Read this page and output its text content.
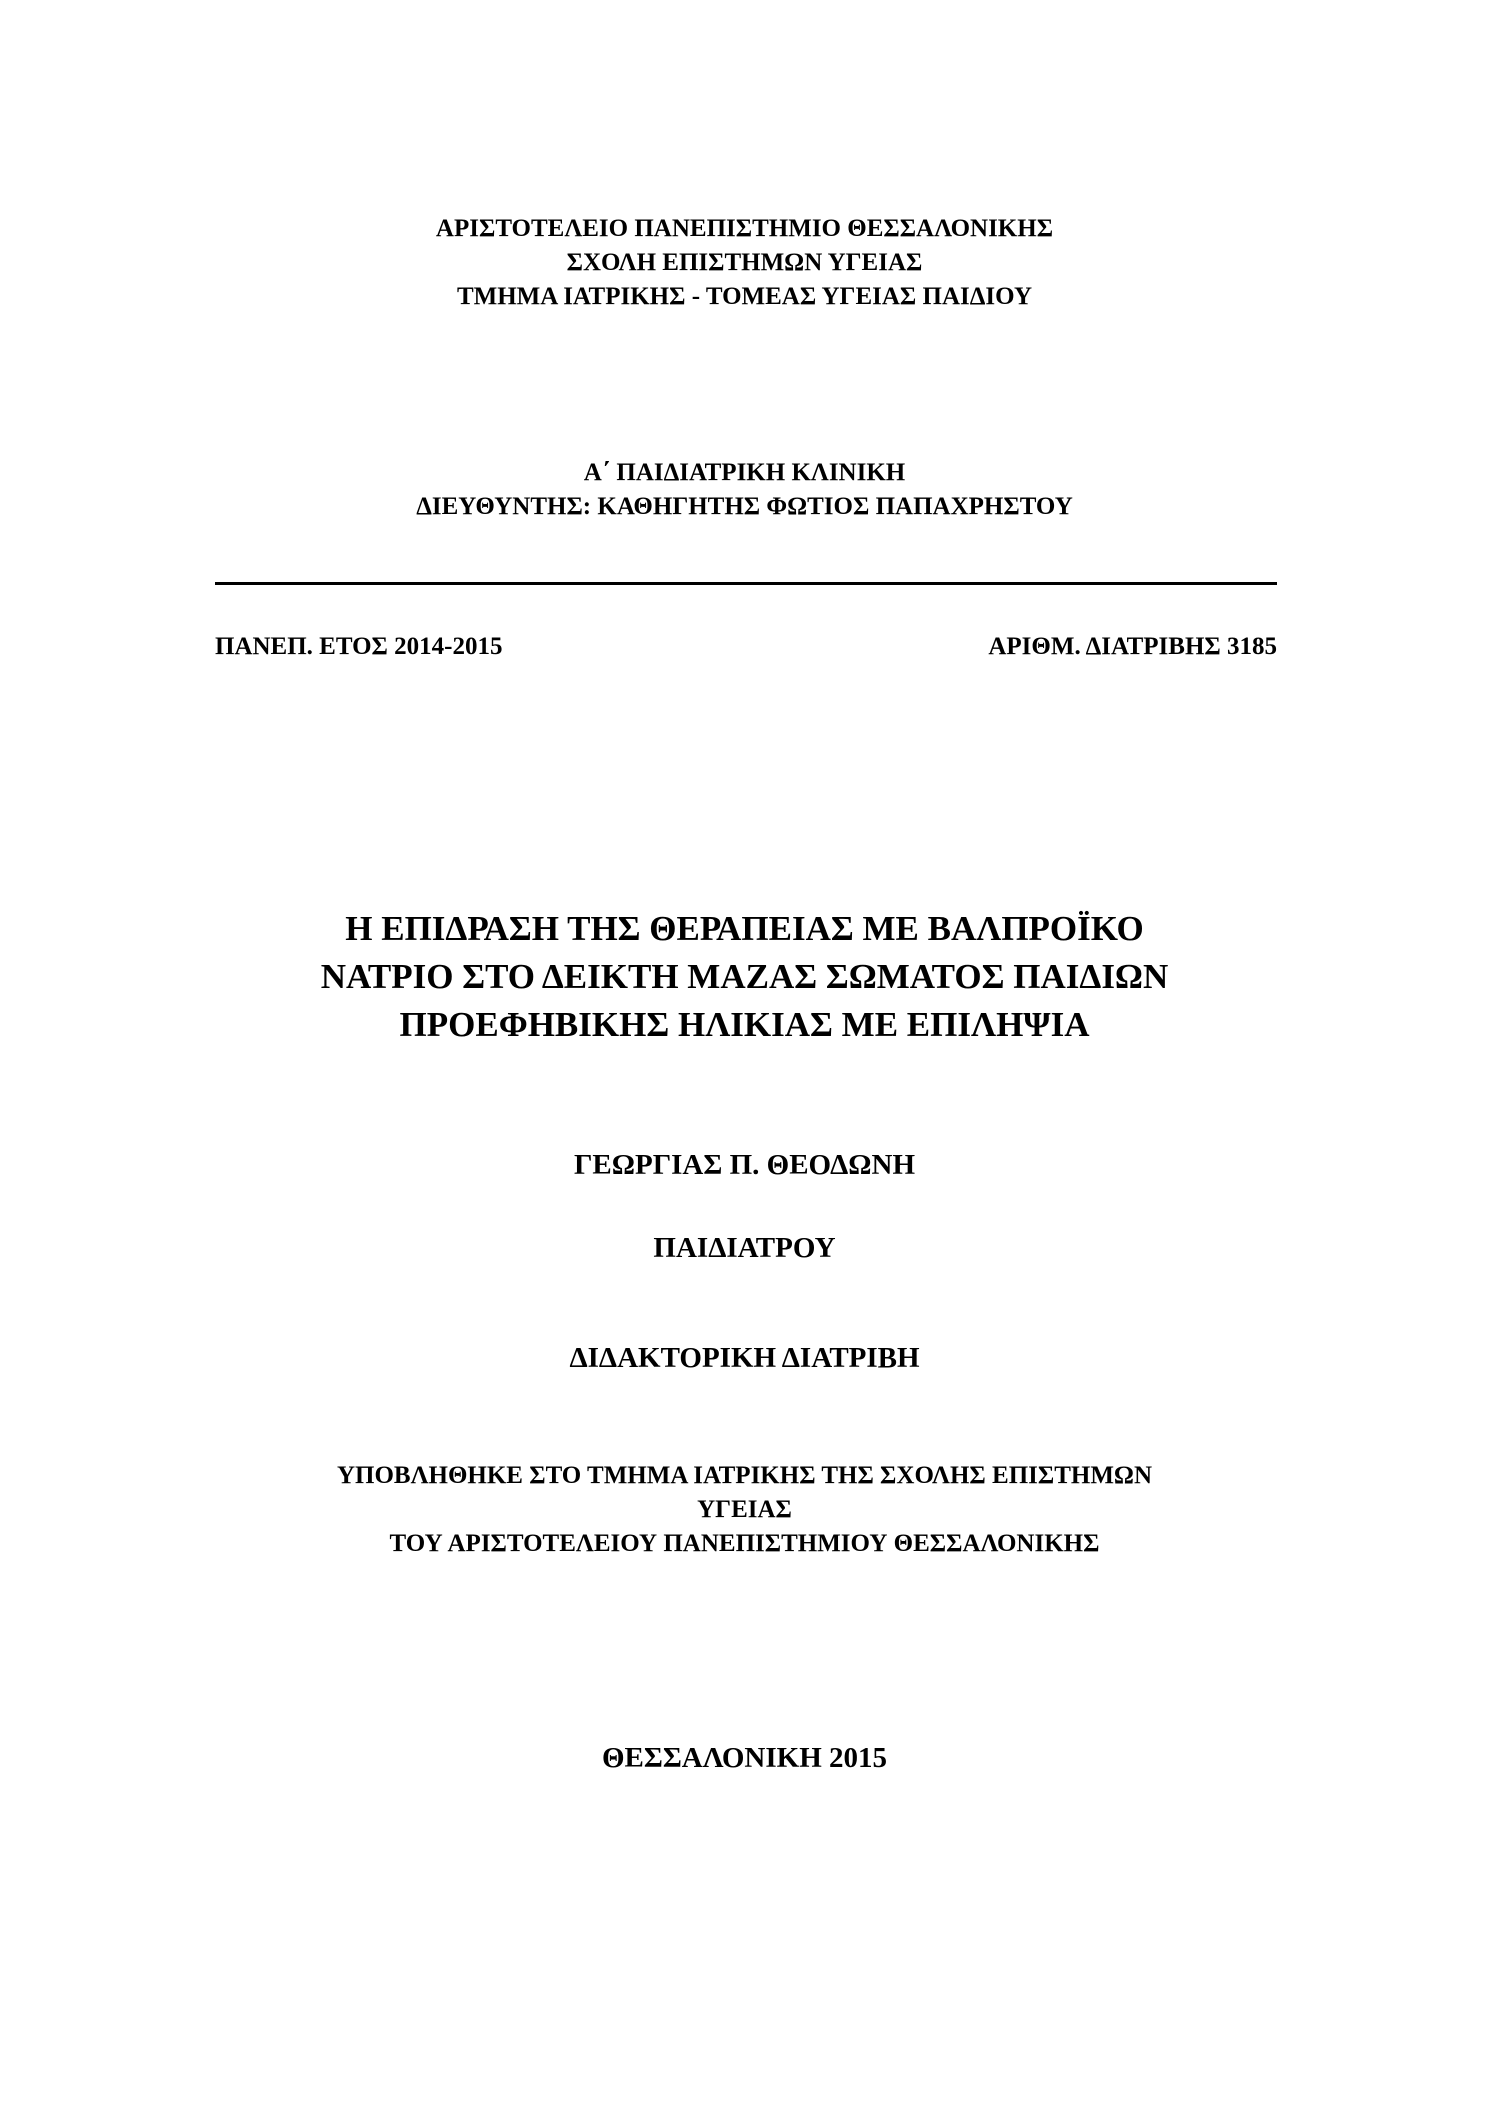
ΑΡΙΣΤΟΤΕΛΕΙΟ ΠΑΝΕΠΙΣΤΗΜΙΟ ΘΕΣΣΑΛΟΝΙΚΗΣ
ΣΧΟΛΗ ΕΠΙΣΤΗΜΩΝ ΥΓΕΙΑΣ
ΤΜΗΜΑ ΙΑΤΡΙΚΗΣ - ΤΟΜΕΑΣ ΥΓΕΙΑΣ ΠΑΙΔΙΟΥ
Α΄ ΠΑΙΔΙΑΤΡΙΚΗ ΚΛΙΝΙΚΗ
ΔΙΕΥΘΥΝΤΗΣ: ΚΑΘΗΓΗΤΗΣ ΦΩΤΙΟΣ ΠΑΠΑΧΡΗΣΤΟΥ
ΠΑΝΕΠ. ΕΤΟΣ 2014-2015	ΑΡΙΘΜ. ΔΙΑΤΡΙΒΗΣ 3185
Η ΕΠΙΔΡΑΣΗ ΤΗΣ ΘΕΡΑΠΕΙΑΣ ΜΕ ΒΑΛΠΡΟΪΚΟ
ΝΑΤΡΙΟ ΣΤΟ ΔΕΙΚΤΗ ΜΑΖΑΣ ΣΩΜΑΤΟΣ ΠΑΙΔΙΩΝ
ΠΡΟΕΦΗΒΙΚΗΣ ΗΛΙΚΙΑΣ ΜΕ ΕΠΙΛΗΨΙΑ
ΓΕΩΡΓΙΑΣ Π. ΘΕΟΔΩΝΗ
ΠΑΙΔΙΑΤΡΟΥ
ΔΙΔΑΚΤΟΡΙΚΗ ΔΙΑΤΡΙΒΗ
ΥΠΟΒΛΗΘΗΚΕ ΣΤΟ ΤΜΗΜΑ ΙΑΤΡΙΚΗΣ ΤΗΣ ΣΧΟΛΗΣ ΕΠΙΣΤΗΜΩΝ
ΥΓΕΙΑΣ
ΤΟΥ ΑΡΙΣΤΟΤΕΛΕΙΟΥ ΠΑΝΕΠΙΣΤΗΜΙΟΥ ΘΕΣΣΑΛΟΝΙΚΗΣ
ΘΕΣΣΑΛΟΝΙΚΗ 2015
